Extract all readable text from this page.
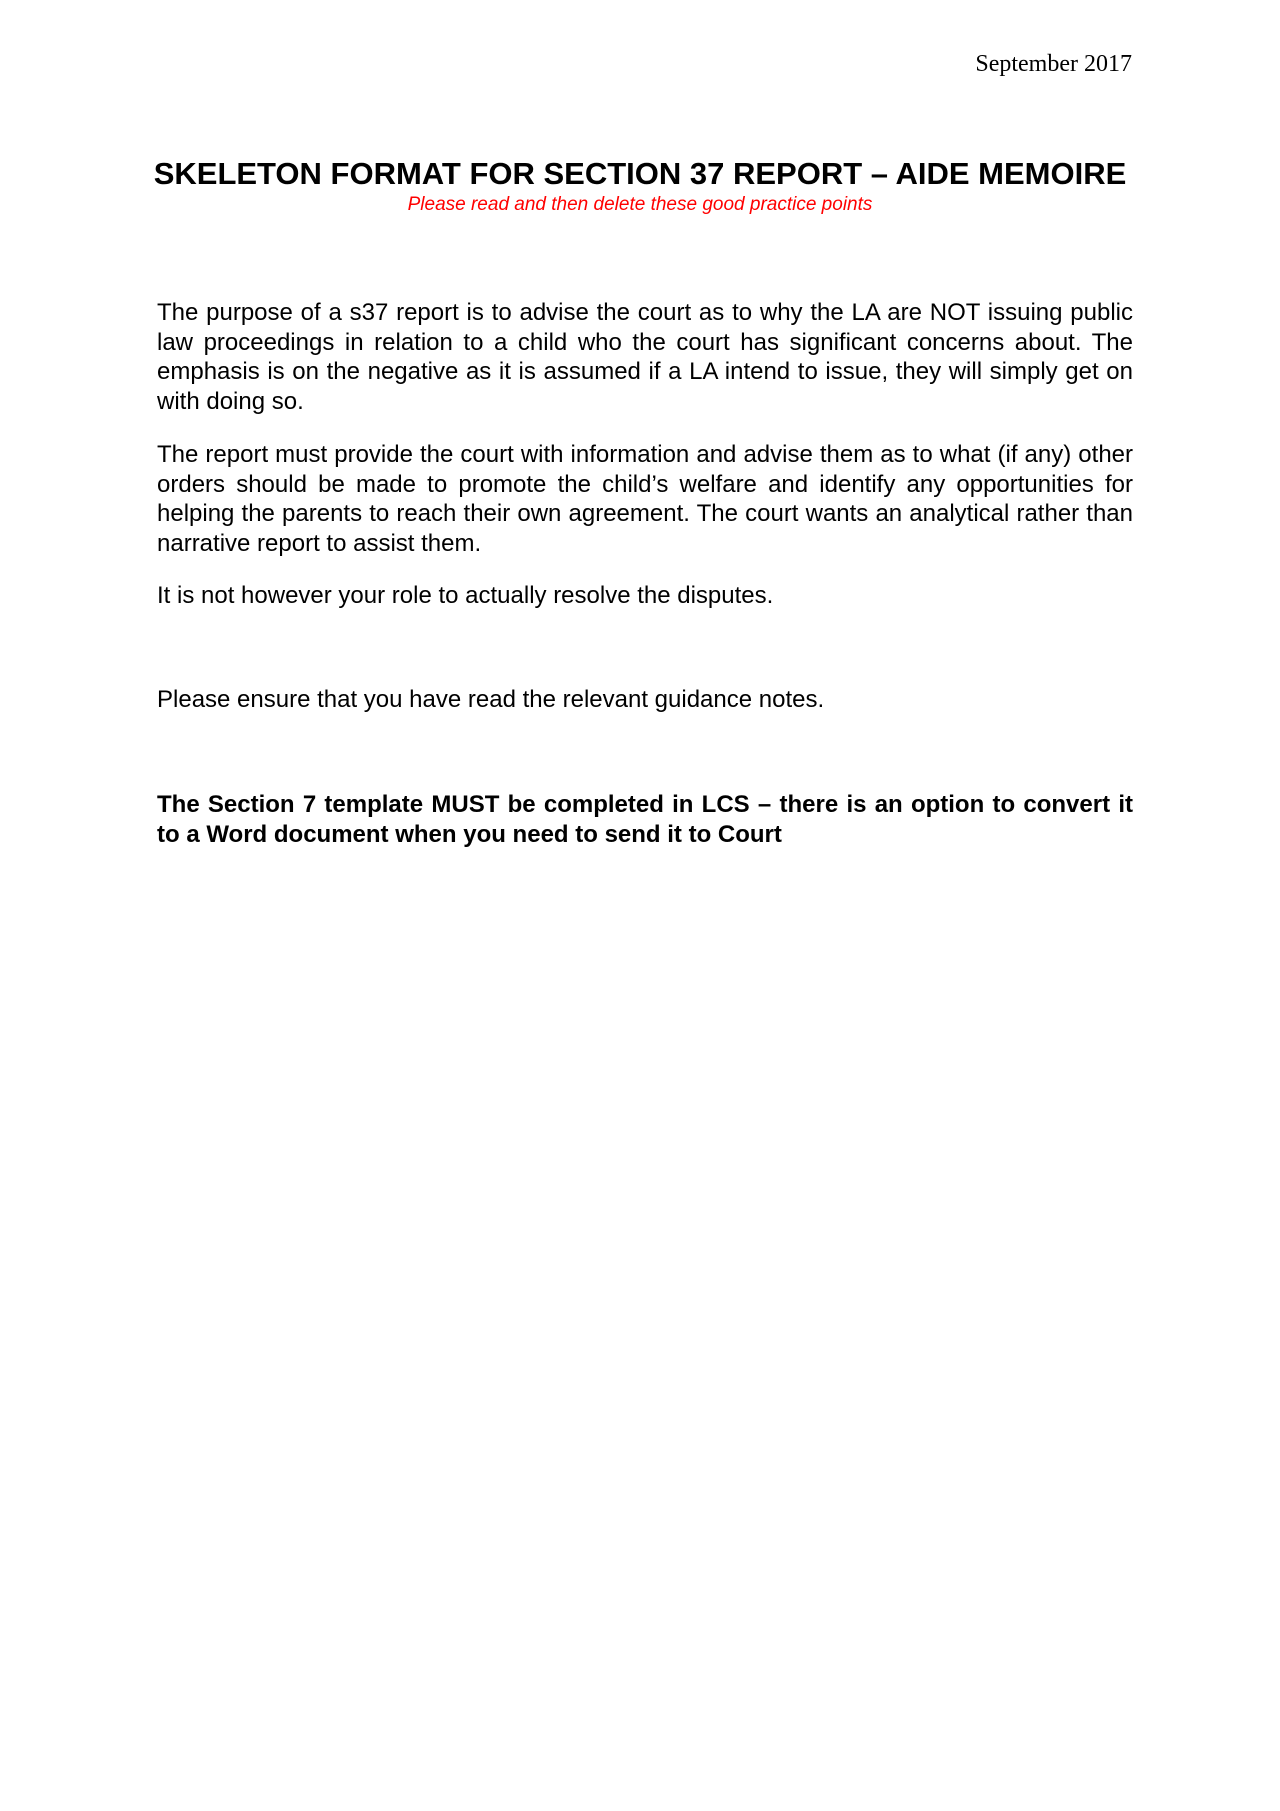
September 2017
SKELETON FORMAT FOR SECTION 37 REPORT – AIDE MEMOIRE

Please read and then delete these good practice points

The purpose of a s37 report is to advise the court as to why the LA are NOT issuing public law proceedings in relation to a child who the court has significant concerns about. The emphasis is on the negative as it is assumed if a LA intend to issue, they will simply get on with doing so.

The report must provide the court with information and advise them as to what (if any) other orders should be made to promote the child’s welfare and identify any opportunities for helping the parents to reach their own agreement. The court wants an analytical rather than narrative report to assist them.

It is not however your role to actually resolve the disputes.

Please ensure that you have read the relevant guidance notes.

The Section 7 template MUST be completed in LCS – there is an option to convert it to a Word document when you need to send it to Court
